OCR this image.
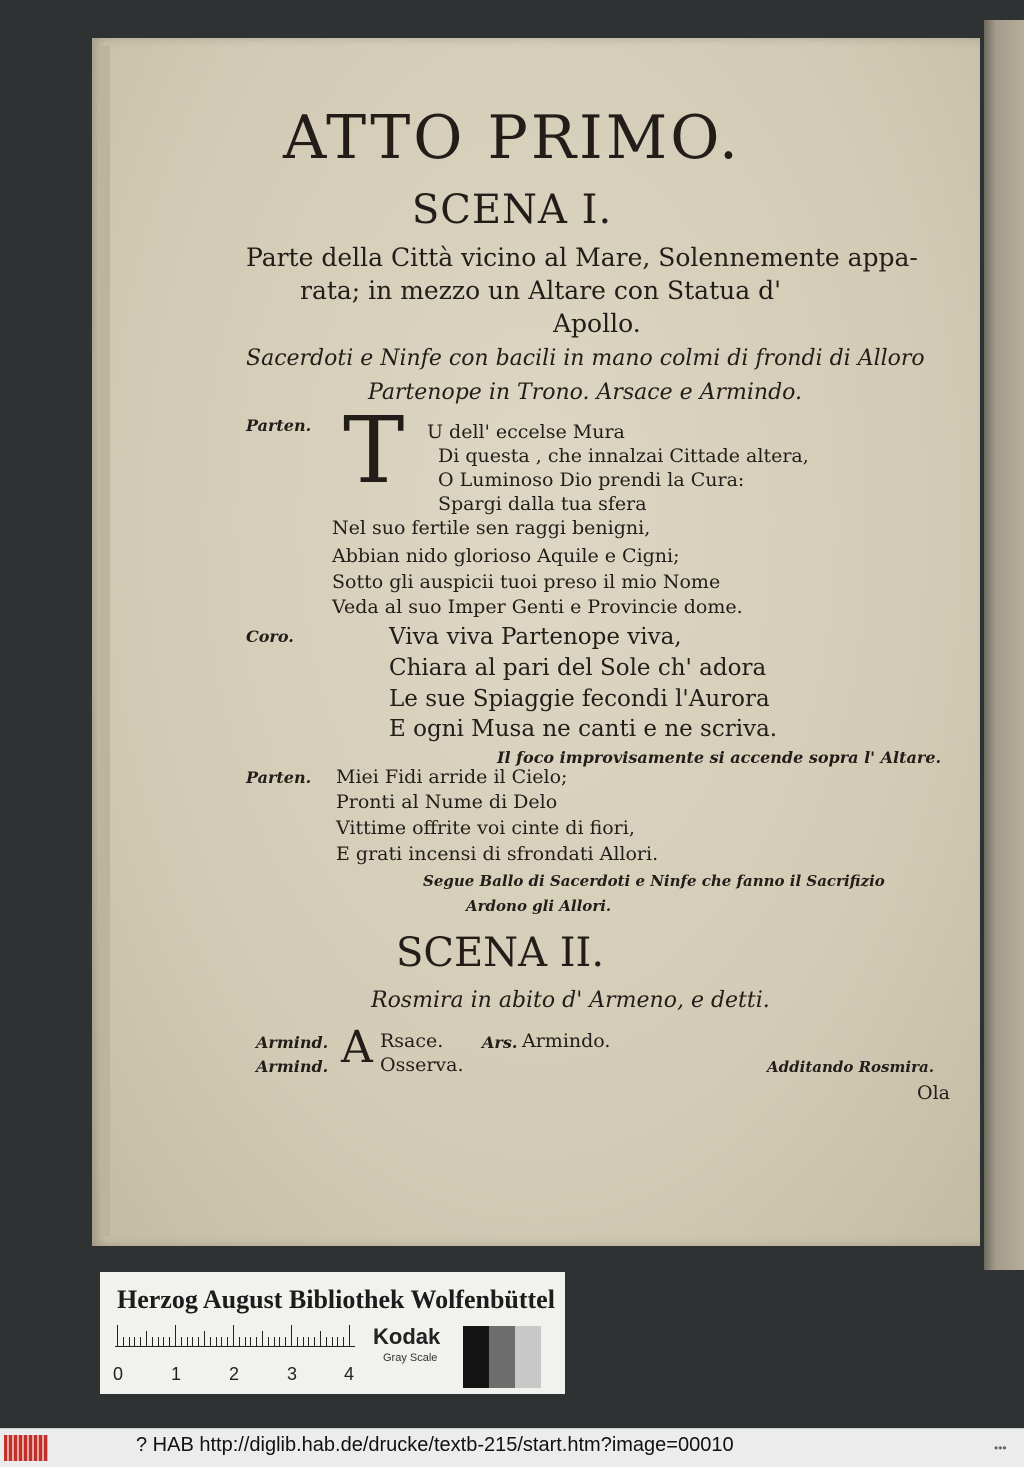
ATTO PRIMO.
SCENA I.
Parte della Città vicino al Mare, Solennemente appa-
rata; in mezzo un Altare con Statua d'
Apollo.
Sacerdoti e Ninfe con bacili in mano colmi di frondi di Alloro
Partenope in Trono. Arsace e Armindo.
Parten. T U dell' eccelse Mura
Di questa , che innalzai Cittade altera,
O Luminoso Dio prendi la Cura:
Spargi dalla tua sfera
Nel suo fertile sen raggi benigni,
Abbian nido glorioso Aquile e Cigni;
Sotto gli auspicii tuoi preso il mio Nome
Veda al suo Imper Genti e Provincie dome.
Coro.	Viva viva Partenope viva,
Chiara al pari del Sole ch' adora
Le sue Spiaggie fecondi l'Aurora
E ogni Musa ne canti e ne scriva.
Il foco improvisamente si accende sopra l' Altare.
Parten. Miei Fidi arride il Cielo;
Pronti al Nume di Delo
Vittime offrite voi cinte di fiori,
E grati incensi di sfrondati Allori.
Segue Ballo di Sacerdoti e Ninfe che fanno il Sacrifizio
Ardono gli Allori.
SCENA II.
Rosmira in abito d' Armeno, e detti.
Armind.
Armind. A Rsace. Ars. Armindo.
Osserva.	Additando Rosmira.
Ola
Herzog August Bibliothek Wolfenbüttel
0	1	2	3	4
Kodak
Gray Scale
? HAB http://diglib.hab.de/drucke/textb-215/start.htm?image=00010	•••
